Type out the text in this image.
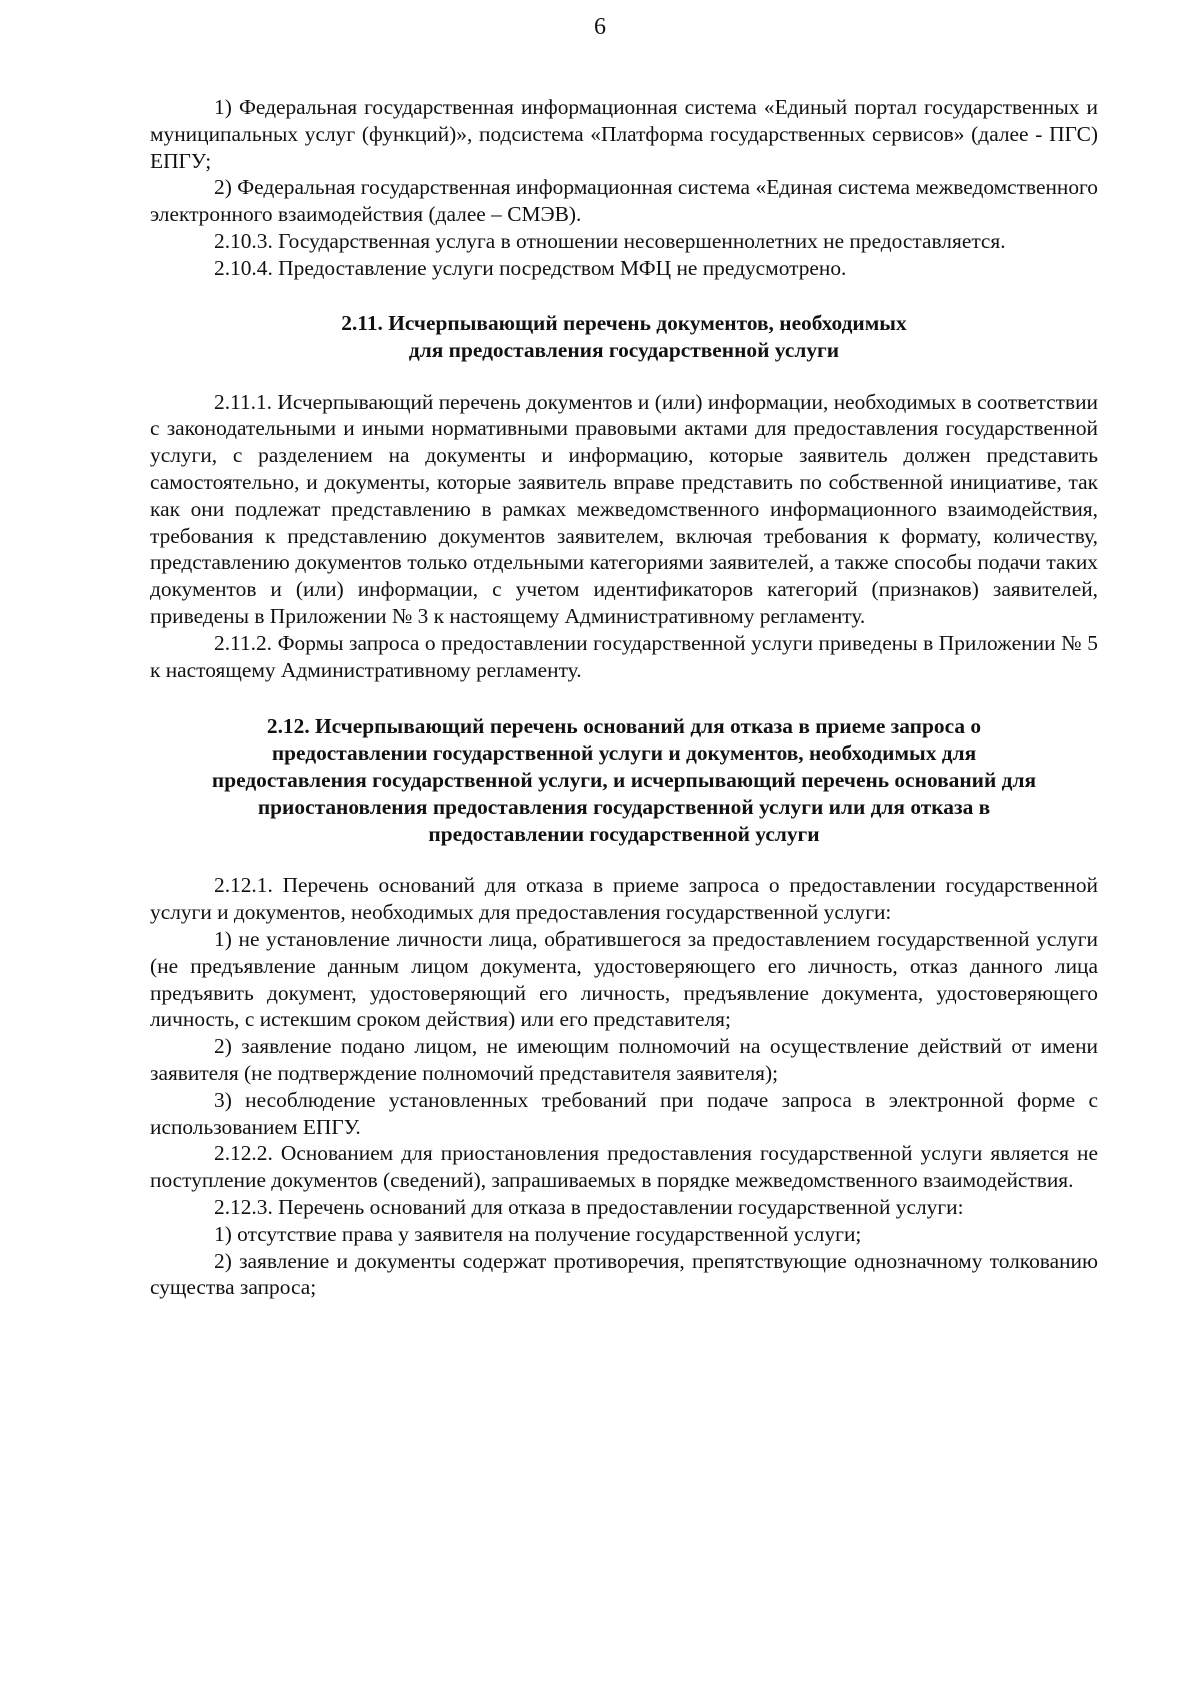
6

1) Федеральная государственная информационная система «Единый портал государственных и муниципальных услуг (функций)», подсистема «Платформа государственных сервисов» (далее - ПГС) ЕПГУ;

2) Федеральная государственная информационная система «Единая система межведомственного электронного взаимодействия (далее – СМЭВ).

2.10.3. Государственная услуга в отношении несовершеннолетних не предоставляется.

2.10.4. Предоставление услуги посредством МФЦ не предусмотрено.

2.11. Исчерпывающий перечень документов, необходимых
для предоставления государственной услуги

2.11.1. Исчерпывающий перечень документов и (или) информации, необходимых в соответствии с законодательными и иными нормативными правовыми актами для предоставления государственной услуги, с разделением на документы и информацию, которые заявитель должен представить самостоятельно, и документы, которые заявитель вправе представить по собственной инициативе, так как они подлежат представлению в рамках межведомственного информационного взаимодействия, требования к представлению документов заявителем, включая требования к формату, количеству, представлению документов только отдельными категориями заявителей, а также способы подачи таких документов и (или) информации, с учетом идентификаторов категорий (признаков) заявителей, приведены в Приложении № 3 к настоящему Административному регламенту.

2.11.2. Формы запроса о предоставлении государственной услуги приведены в Приложении № 5 к настоящему Административному регламенту.

2.12. Исчерпывающий перечень оснований для отказа в приеме запроса о
предоставлении государственной услуги и документов, необходимых для
предоставления государственной услуги, и исчерпывающий перечень оснований для
приостановления предоставления государственной услуги или для отказа в
предоставлении государственной услуги

2.12.1. Перечень оснований для отказа в приеме запроса о предоставлении государственной услуги и документов, необходимых для предоставления государственной услуги:

1) не установление личности лица, обратившегося за предоставлением государственной услуги (не предъявление данным лицом документа, удостоверяющего его личность, отказ данного лица предъявить документ, удостоверяющий его личность, предъявление документа, удостоверяющего личность, с истекшим сроком действия) или его представителя;

2) заявление подано лицом, не имеющим полномочий на осуществление действий от имени заявителя (не подтверждение полномочий представителя заявителя);

3) несоблюдение установленных требований при подаче запроса в электронной форме с использованием ЕПГУ.

2.12.2. Основанием для приостановления предоставления государственной услуги является не поступление документов (сведений), запрашиваемых в порядке межведомственного взаимодействия.

2.12.3. Перечень оснований для отказа в предоставлении государственной услуги:

1) отсутствие права у заявителя на получение государственной услуги;

2) заявление и документы содержат противоречия, препятствующие однозначному толкованию существа запроса;
